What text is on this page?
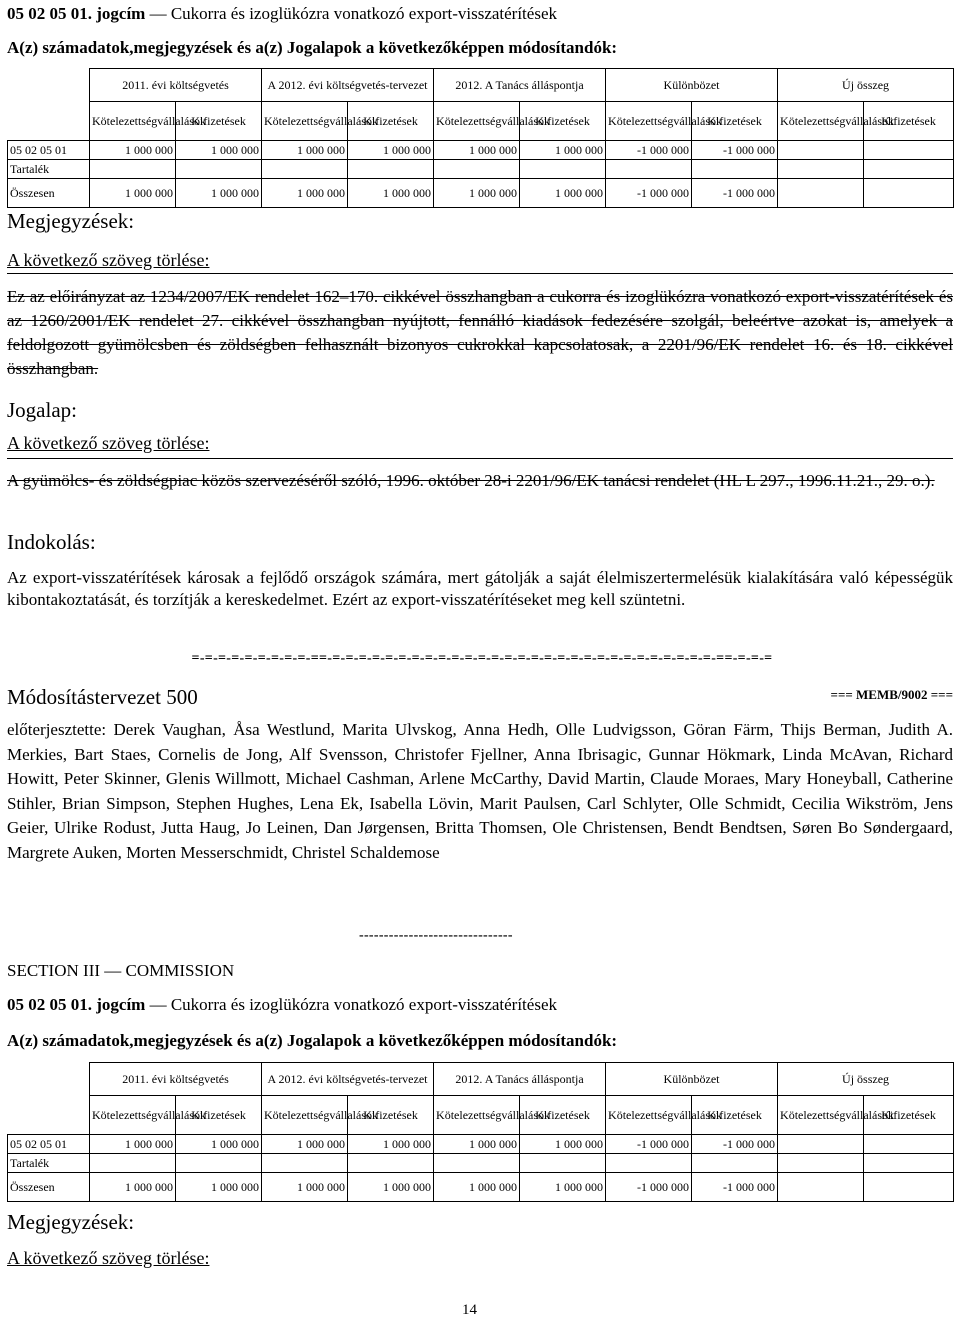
05 02 05 01. jogcím — Cukorra és izoglükózra vonatkozó export-visszatérítések
A(z) számadatok,megjegyzések és a(z) Jogalapok a következőképpen módosítandók:
	2011. évi költségvetés		A 2012. évi költségvetés-tervezet		2012. A Tanács álláspontja		Különbözet		Új összeg	
	Kötelezettségvállalások	Kifizetések	Kötelezettségvállalások	Kifizetések	Kötelezettségvállalások	Kifizetések	Kötelezettségvállalások	Kifizetések	Kötelezettségvállalások	Kifizetések
05 02 05 01	1 000 000	1 000 000	1 000 000	1 000 000	1 000 000	1 000 000	-1 000 000	-1 000 000		
Tartalék										
Összesen	1 000 000	1 000 000	1 000 000	1 000 000	1 000 000	1 000 000	-1 000 000	-1 000 000		
Megjegyzések:
A következő szöveg törlése:
Ez az előirányzat az 1234/2007/EK rendelet 162–170. cikkével összhangban a cukorra és izoglükózra vonatkozó export-visszatérítések és az 1260/2001/EK rendelet 27. cikkével összhangban nyújtott, fennálló kiadások fedezésére szolgál, beleértve azokat is, amelyek a feldolgozott gyümölcsben és zöldségben felhasznált bizonyos cukrokkal kapcsolatosak, a 2201/96/EK rendelet 16. és 18. cikkével összhangban.
Jogalap:
A következő szöveg törlése:
A gyümölcs- és zöldségpiac közös szervezéséről szóló, 1996. október 28-i 2201/96/EK tanácsi rendelet (HL L 297., 1996.11.21., 29. o.).
Indokolás:
Az export-visszatérítések károsak a fejlődő országok számára, mert gátolják a saját élelmiszertermelésük kialakítására való képességük kibontakoztatását, és torzítják a kereskedelmet. Ezért az export-visszatérítéseket meg kell szüntetni.
=-=-=-=-=-=-=-=-=-==-=-=-=-=-=-=-=-=-=-=-=-=-=-=-=-=-=-=-=-=-=-=-=-=-=-=-=-=-=-==-=-=-=
Módosítástervezet 500	=== MEMB/9002 ===
előterjesztette: Derek Vaughan, Åsa Westlund, Marita Ulvskog, Anna Hedh, Olle Ludvigsson, Göran Färm, Thijs Berman, Judith A. Merkies, Bart Staes, Cornelis de Jong, Alf Svensson, Christofer Fjellner, Anna Ibrisagic, Gunnar Hökmark, Linda McAvan, Richard Howitt, Peter Skinner, Glenis Willmott, Michael Cashman, Arlene McCarthy, David Martin, Claude Moraes, Mary Honeyball, Catherine Stihler, Brian Simpson, Stephen Hughes, Lena Ek, Isabella Lövin, Marit Paulsen, Carl Schlyter, Olle Schmidt, Cecilia Wikström, Jens Geier, Ulrike Rodust, Jutta Haug, Jo Leinen, Dan Jørgensen, Britta Thomsen, Ole Christensen, Bendt Bendtsen, Søren Bo Søndergaard, Margrete Auken, Morten Messerschmidt, Christel Schaldemose
-------------------------------
SECTION III — COMMISSION
05 02 05 01. jogcím — Cukorra és izoglükózra vonatkozó export-visszatérítések
A(z) számadatok,megjegyzések és a(z) Jogalapok a következőképpen módosítandók:
	2011. évi költségvetés		A 2012. évi költségvetés-tervezet		2012. A Tanács álláspontja		Különbözet		Új összeg	
	Kötelezettségvállalások	Kifizetések	Kötelezettségvállalások	Kifizetések	Kötelezettségvállalások	Kifizetések	Kötelezettségvállalások	Kifizetések	Kötelezettségvállalások	Kifizetések
05 02 05 01	1 000 000	1 000 000	1 000 000	1 000 000	1 000 000	1 000 000	-1 000 000	-1 000 000		
Tartalék										
Összesen	1 000 000	1 000 000	1 000 000	1 000 000	1 000 000	1 000 000	-1 000 000	-1 000 000		
Megjegyzések:
A következő szöveg törlése:
14
